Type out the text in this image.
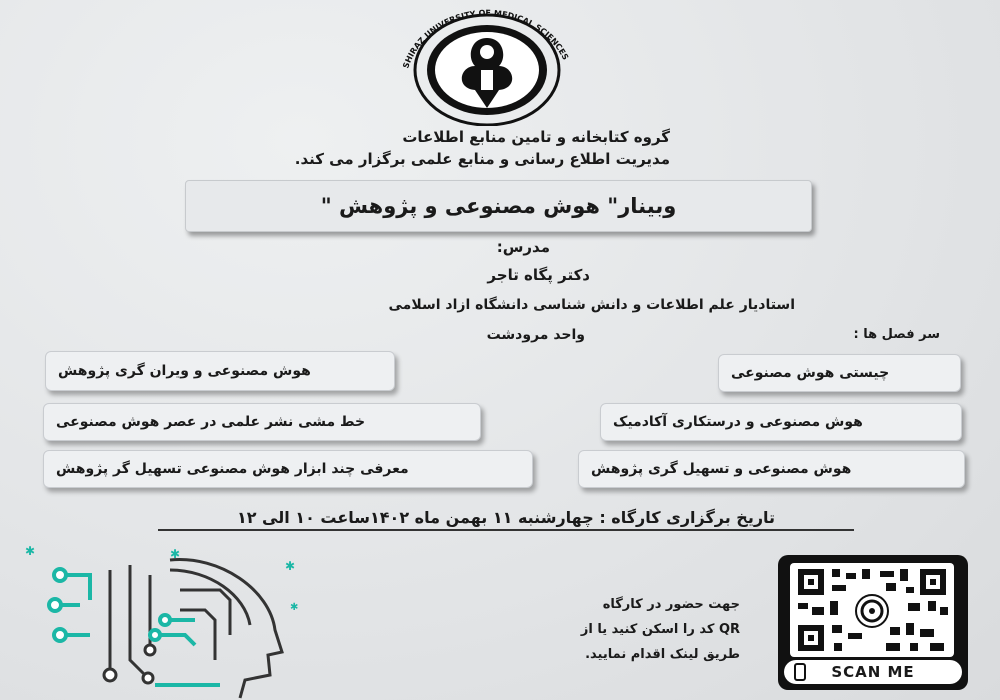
SHIRAZ UNIVERSITY OF MEDICAL SCIENCES
گروه کتابخانه و تامین منابع اطلاعات
مدیریت اطلاع رسانی و منابع علمی برگزار می کند.
وبینار" هوش مصنوعی و پژوهش "
مدرس:
دکتر پگاه تاجر
استادیار علم اطلاعات و دانش شناسی دانشگاه ازاد اسلامی
واحد مرودشت	سر فصل ها :
چیستی هوش مصنوعی
هوش مصنوعی و درستکاری آکادمیک
هوش مصنوعی و تسهیل گری پژوهش
هوش مصنوعی و ویران گری پژوهش
خط مشی نشر علمی در عصر هوش مصنوعی
معرفی چند ابزار هوش مصنوعی تسهیل گر پژوهش
تاریخ برگزاری کارگاه : چهارشنبه ۱۱ بهمن ماه ۱۴۰۲ساعت ۱۰ الی ۱۲
✱	✱
✱
✱	جهت حضور در کارگاه
QR کد را اسکن کنید یا از
طریق لینک اقدام نمایید.
SCAN ME
